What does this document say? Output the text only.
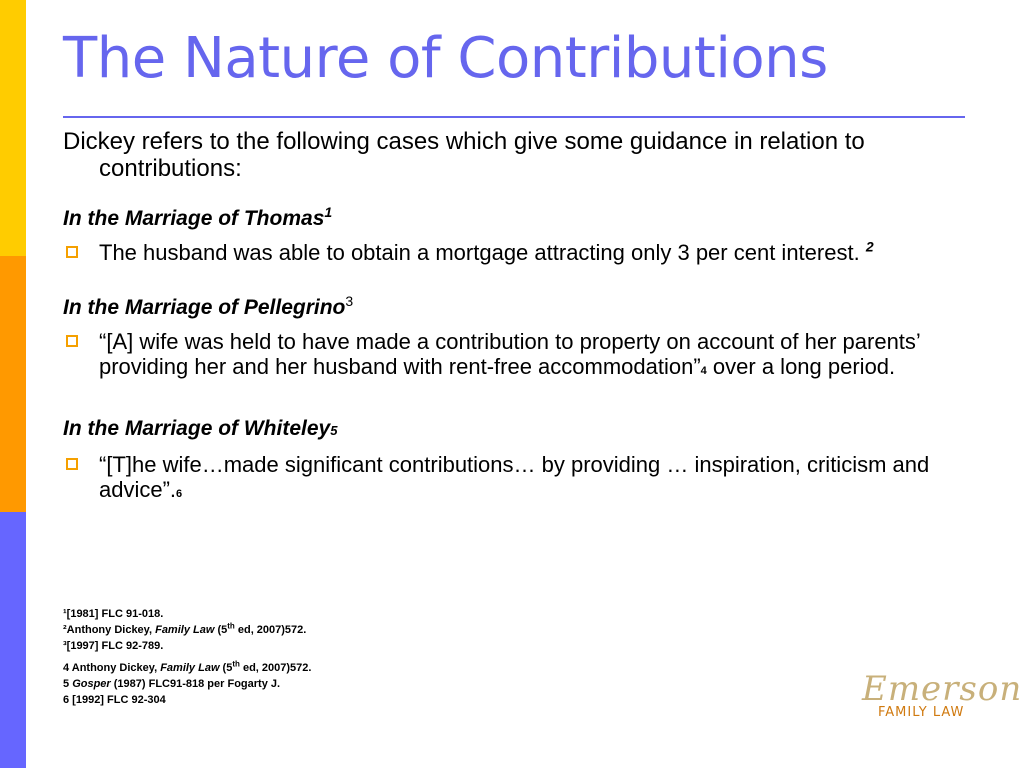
The Nature of Contributions
Dickey refers to the following cases which give some guidance in relation to contributions:
In the Marriage of Thomas$^1$
The husband was able to obtain a mortgage attracting only 3 per cent interest. $^2$
In the Marriage of Pellegrino$^3$
“[A] wife was held to have made a contribution to property on account of her parents’ providing her and her husband with rent-free accommodation”4 over a long period.
In the Marriage of Whiteley5
“[T]he wife…made significant contributions… by providing … inspiration, criticism and advice”.6
¹[1981] FLC 91-018.
²Anthony Dickey, Family Law (5th ed, 2007)572.
³[1997] FLC 92-789.
4 Anthony Dickey, Family Law (5th ed, 2007)572.
5 Gosper (1987) FLC91-818 per Fogarty J.
6 [1992] FLC 92-304	Emerson
FAMILY LAW
